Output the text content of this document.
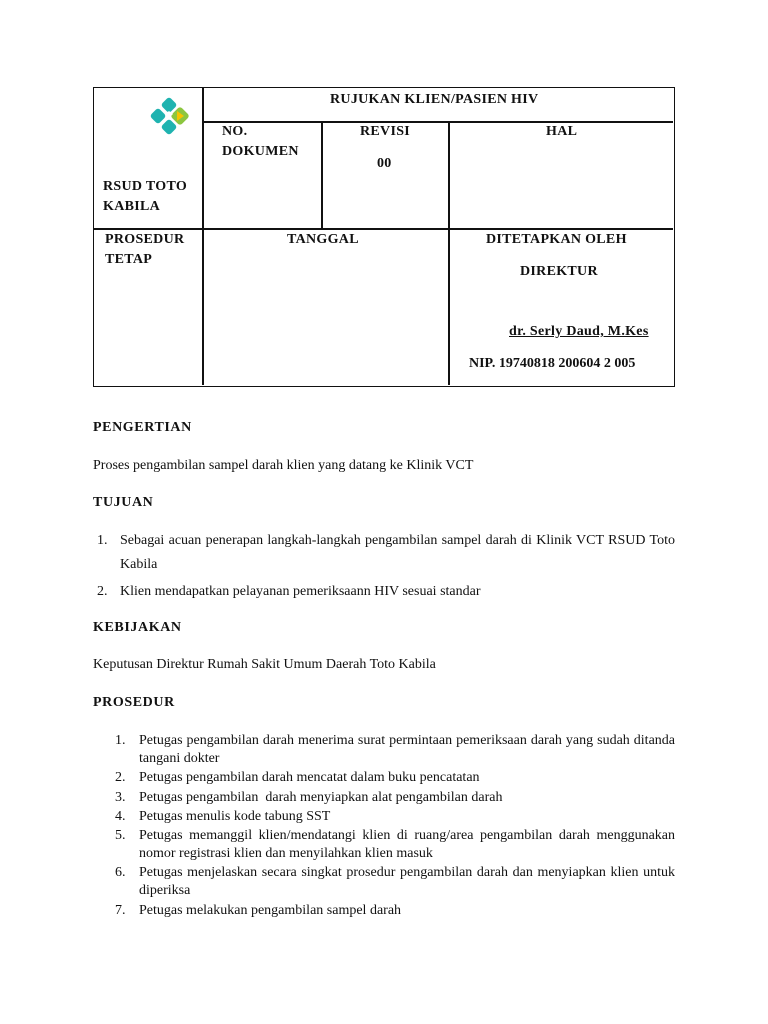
RSUD TOTO KABILA
RUJUKAN KLIEN/PASIEN HIV
NO. DOKUMEN
REVISI
00
HAL
PROSEDUR TETAP
TANGGAL	DITETAPKAN OLEH
DIREKTUR
dr. Serly Daud, M.Kes
NIP. 19740818 200604 2 005
PENGERTIAN
Proses pengambilan sampel darah klien yang datang ke Klinik VCT
TUJUAN
1. Sebagai acuan penerapan langkah-langkah pengambilan sampel darah di Klinik VCT RSUD Toto Kabila
2. Klien mendapatkan pelayanan pemeriksaann HIV sesuai standar
KEBIJAKAN
Keputusan Direktur Rumah Sakit Umum Daerah Toto Kabila
PROSEDUR
1. Petugas pengambilan darah menerima surat permintaan pemeriksaan darah yang sudah ditanda tangani dokter
2. Petugas pengambilan darah mencatat dalam buku pencatatan
3. Petugas pengambilan  darah menyiapkan alat pengambilan darah
4. Petugas menulis kode tabung SST
5. Petugas memanggil klien/mendatangi klien di ruang/area pengambilan darah menggunakan nomor registrasi klien dan menyilahkan klien masuk
6. Petugas menjelaskan secara singkat prosedur pengambilan darah dan menyiapkan klien untuk diperiksa
7. Petugas melakukan pengambilan sampel darah
